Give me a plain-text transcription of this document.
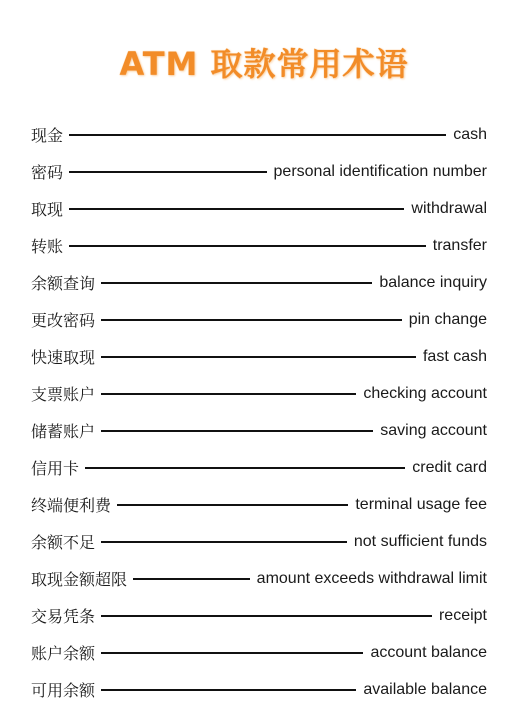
ATM 取款常用术语
现金	cash
密码	personal identification number
取现	withdrawal
转账	transfer
余额查询	balance inquiry
更改密码	pin change
快速取现	fast cash
支票账户	checking account
储蓄账户	saving account
信用卡	credit card
终端便利费	terminal usage fee
余额不足	not sufficient funds
取现金额超限	amount exceeds withdrawal limit
交易凭条	receipt
账户余额	account balance
可用余额	available balance
